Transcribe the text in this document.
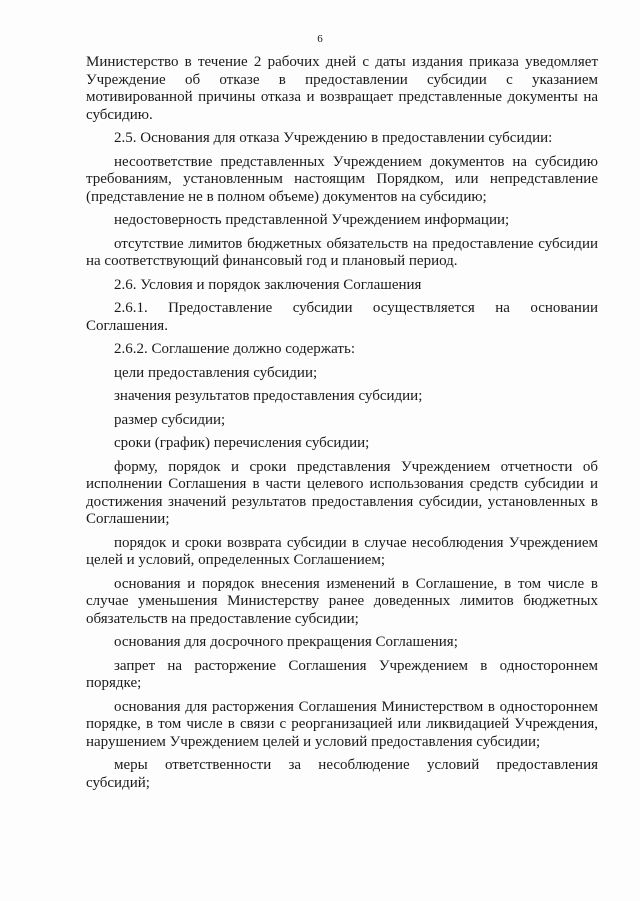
6

Министерство в течение 2 рабочих дней с даты издания приказа уведомляет Учреждение об отказе в предоставлении субсидии с указанием мотивированной причины отказа и возвращает представленные документы на субсидию.

2.5. Основания для отказа Учреждению в предоставлении субсидии:

несоответствие представленных Учреждением документов на субсидию требованиям, установленным настоящим Порядком, или непредставление (представление не в полном объеме) документов на субсидию;

недостоверность представленной Учреждением информации;

отсутствие лимитов бюджетных обязательств на предоставление субсидии на соответствующий финансовый год и плановый период.

2.6. Условия и порядок заключения Соглашения

2.6.1. Предоставление субсидии осуществляется на основании Соглашения.

2.6.2. Соглашение должно содержать:

цели предоставления субсидии;

значения результатов предоставления субсидии;

размер субсидии;

сроки (график) перечисления субсидии;

форму, порядок и сроки представления Учреждением отчетности об исполнении Соглашения в части целевого использования средств субсидии и достижения значений результатов предоставления субсидии, установленных в Соглашении;

порядок и сроки возврата субсидии в случае несоблюдения Учреждением целей и условий, определенных Соглашением;

основания и порядок внесения изменений в Соглашение, в том числе в случае уменьшения Министерству ранее доведенных лимитов бюджетных обязательств на предоставление субсидии;

основания для досрочного прекращения Соглашения;

запрет на расторжение Соглашения Учреждением в одностороннем порядке;

основания для расторжения Соглашения Министерством в одностороннем порядке, в том числе в связи с реорганизацией или ликвидацией Учреждения, нарушением Учреждением целей и условий предоставления субсидии;

меры ответственности за несоблюдение условий предоставления субсидий;
